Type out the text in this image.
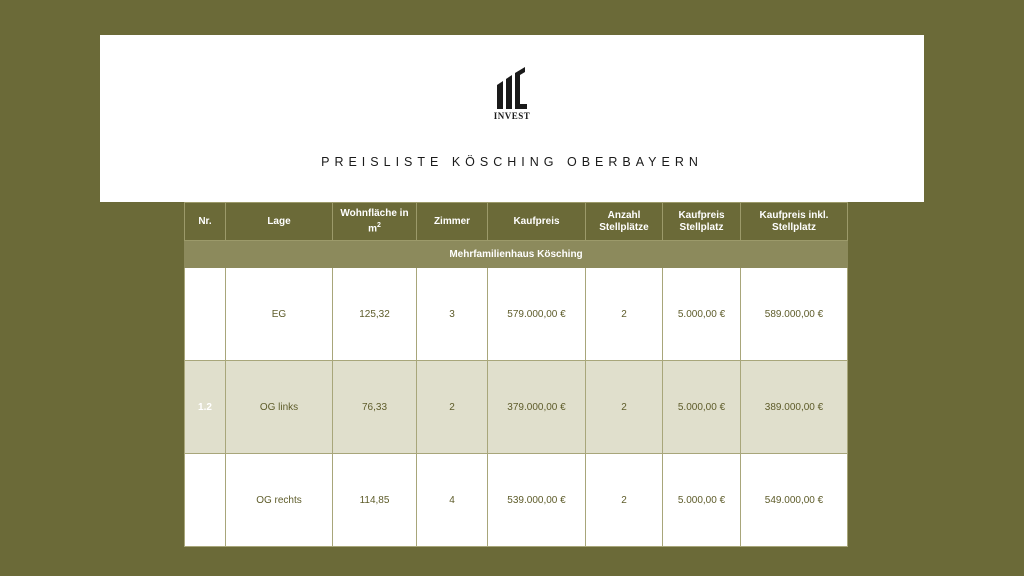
INVEST
PREISLISTE KÖSCHING OBERBAYERN
Nr.	Lage	Wohnfläche in $m^2$	Zimmer	Kaufpreis	Anzahl Stellplätze	Kaufpreis Stellplatz	Kaufpreis inkl. Stellplatz
Mehrfamilienhaus Kösching							
1.1	EG	125,32	3	579.000,00 €	2	5.000,00 €	589.000,00 €
1.2	OG links	76,33	2	379.000,00 €	2	5.000,00 €	389.000,00 €
1.3	OG rechts	114,85	4	539.000,00 €	2	5.000,00 €	549.000,00 €
